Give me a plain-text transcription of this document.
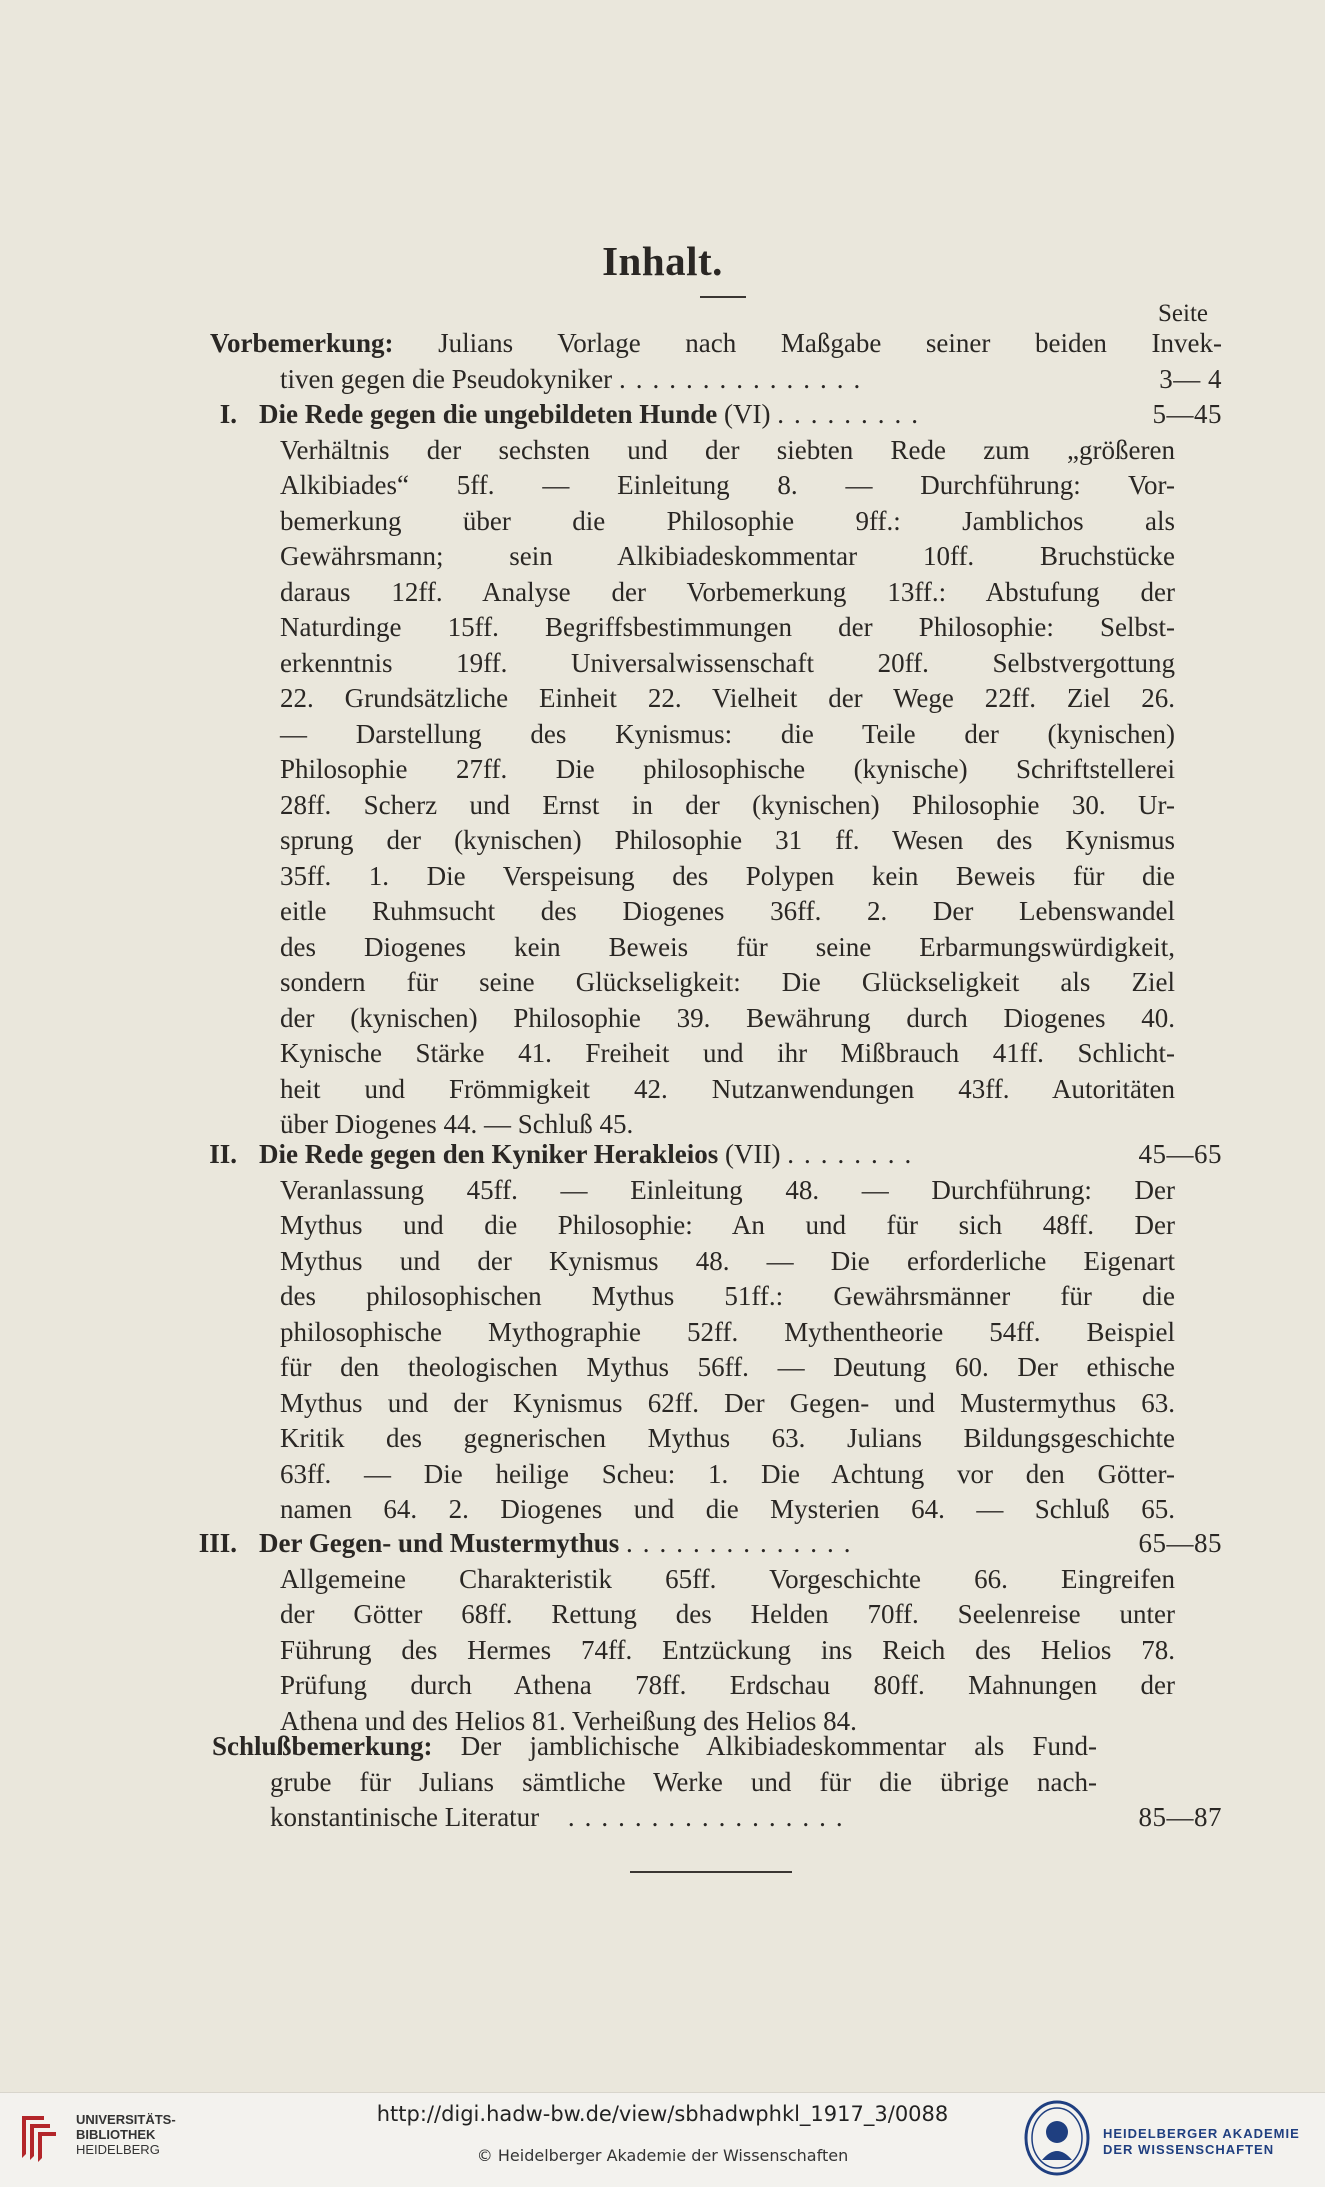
Inhalt.
Seite
Vorbemerkung: Julians Vorlage nach Maßgabe seiner beiden Invek-
tiven gegen die Pseudokyniker ...............	3— 4
I. Die Rede gegen die ungebildeten Hunde (VI) .........	5—45
Verhältnis der sechsten und der siebten Rede zum „größeren
Alkibiades“ 5ff. — Einleitung 8. — Durchführung: Vor-
bemerkung über die Philosophie 9ff.: Jamblichos als
Gewährsmann; sein Alkibiadeskommentar 10ff. Bruchstücke
daraus 12ff. Analyse der Vorbemerkung 13ff.: Abstufung der
Naturdinge 15ff. Begriffsbestimmungen der Philosophie: Selbst-
erkenntnis 19ff. Universalwissenschaft 20ff. Selbstvergottung
22. Grundsätzliche Einheit 22. Vielheit der Wege 22ff. Ziel 26.
— Darstellung des Kynismus: die Teile der (kynischen)
Philosophie 27ff. Die philosophische (kynische) Schriftstellerei
28ff. Scherz und Ernst in der (kynischen) Philosophie 30. Ur-
sprung der (kynischen) Philosophie 31 ff. Wesen des Kynismus
35ff. 1. Die Verspeisung des Polypen kein Beweis für die
eitle Ruhmsucht des Diogenes 36ff. 2. Der Lebenswandel
des Diogenes kein Beweis für seine Erbarmungswürdigkeit,
sondern für seine Glückseligkeit: Die Glückseligkeit als Ziel
der (kynischen) Philosophie 39. Bewährung durch Diogenes 40.
Kynische Stärke 41. Freiheit und ihr Mißbrauch 41ff. Schlicht-
heit und Frömmigkeit 42. Nutzanwendungen 43ff. Autoritäten
über Diogenes 44. — Schluß 45.
II. Die Rede gegen den Kyniker Herakleios (VII) ........	45—65
Veranlassung 45ff. — Einleitung 48. — Durchführung: Der
Mythus und die Philosophie: An und für sich 48ff. Der
Mythus und der Kynismus 48. — Die erforderliche Eigenart
des philosophischen Mythus 51ff.: Gewährsmänner für die
philosophische Mythographie 52ff. Mythentheorie 54ff. Beispiel
für den theologischen Mythus 56ff. — Deutung 60. Der ethische
Mythus und der Kynismus 62ff. Der Gegen- und Mustermythus 63.
Kritik des gegnerischen Mythus 63. Julians Bildungsgeschichte
63ff. — Die heilige Scheu: 1. Die Achtung vor den Götter-
namen 64. 2. Diogenes und die Mysterien 64. — Schluß 65.
III. Der Gegen- und Mustermythus ..............	65—85
Allgemeine Charakteristik 65ff. Vorgeschichte 66. Eingreifen
der Götter 68ff. Rettung des Helden 70ff. Seelenreise unter
Führung des Hermes 74ff. Entzückung ins Reich des Helios 78.
Prüfung durch Athena 78ff. Erdschau 80ff. Mahnungen der
Athena und des Helios 81. Verheißung des Helios 84.
Schlußbemerkung: Der jamblichische Alkibiadeskommentar als Fund-
grube für Julians sämtliche Werke und für die übrige nach-
konstantinische Literatur .................	85—87
UNIVERSITÄTS-
BIBLIOTHEK
HEIDELBERG
http://digi.hadw-bw.de/view/sbhadwphkl_1917_3/0088
© Heidelberger Akademie der Wissenschaften
HEIDELBERGER AKADEMIE
DER WISSENSCHAFTEN
